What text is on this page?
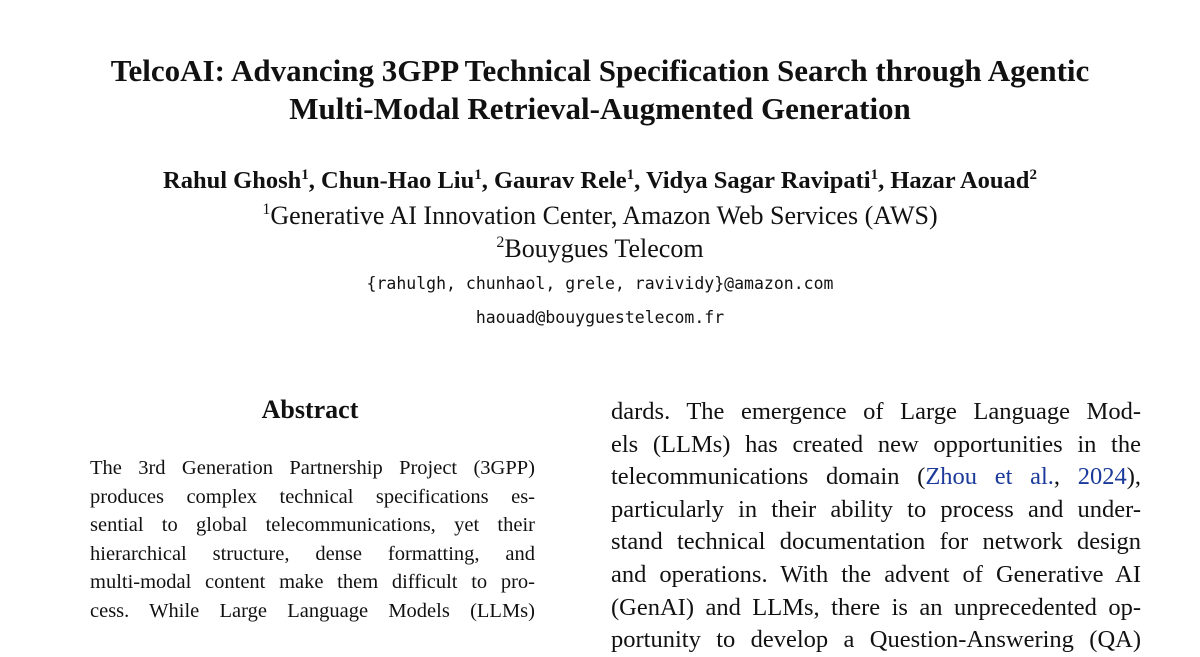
TelcoAI: Advancing 3GPP Technical Specification Search through Agentic
Multi-Modal Retrieval-Augmented Generation
Rahul Ghosh$^1$, Chun-Hao Liu$^1$, Gaurav Rele$^1$, Vidya Sagar Ravipati$^1$, Hazar Aouad$^2$
$^1$Generative AI Innovation Center, Amazon Web Services (AWS)
$^2$Bouygues Telecom
{rahulgh, chunhaol, grele, ravividy}@amazon.com
haouad@bouyguestelecom.fr
Abstract
The 3rd Generation Partnership Project (3GPP)
produces complex technical specifications es-
sential to global telecommunications, yet their
hierarchical structure, dense formatting, and
multi-modal content make them difficult to pro-
cess. While Large Language Models (LLMs)
dards. The emergence of Large Language Mod-
els (LLMs) has created new opportunities in the
telecommunications domain (Zhou et al., 2024),
particularly in their ability to process and under-
stand technical documentation for network design
and operations. With the advent of Generative AI
(GenAI) and LLMs, there is an unprecedented op-
portunity to develop a Question-Answering (QA)
